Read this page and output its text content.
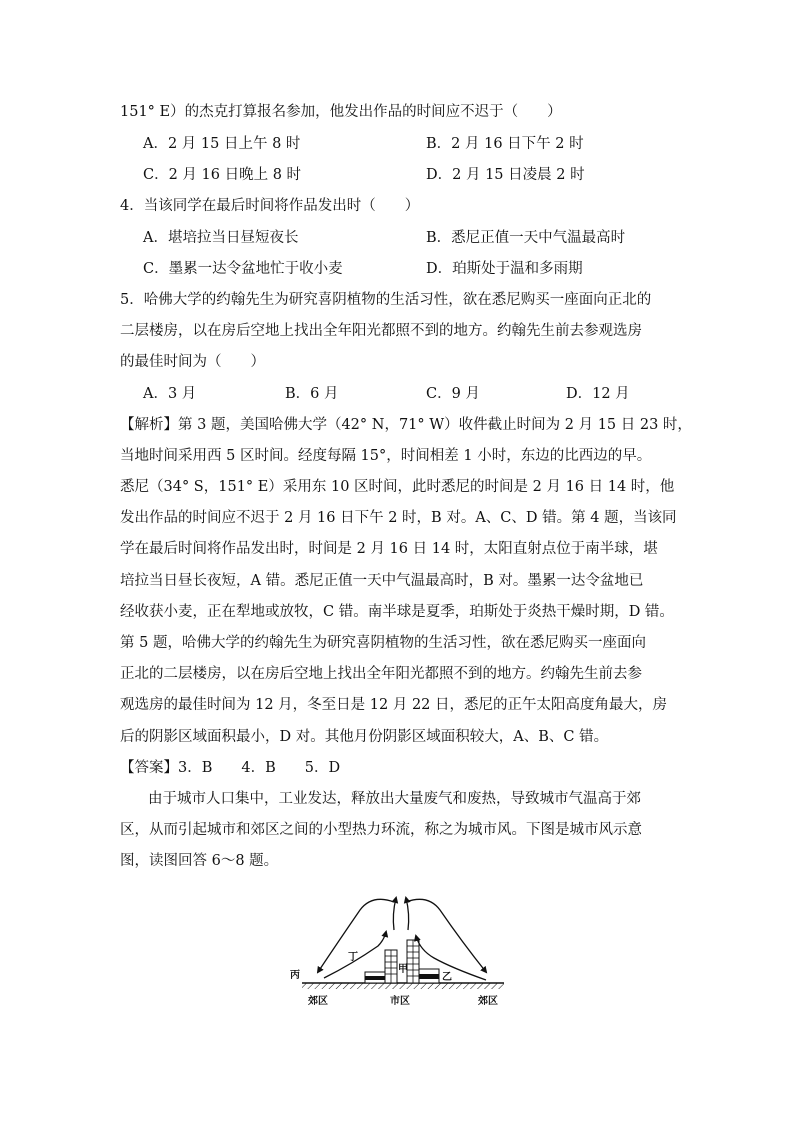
151° E）的杰克打算报名参加，他发出作品的时间应不迟于（　　）
A．2 月 15 日上午 8 时	B．2 月 16 日下午 2 时
C．2 月 16 日晚上 8 时	D．2 月 15 日凌晨 2 时
4．当该同学在最后时间将作品发出时（　　）
A．堪培拉当日昼短夜长	B．悉尼正值一天中气温最高时
C．墨累一达令盆地忙于收小麦	D．珀斯处于温和多雨期
5．哈佛大学的约翰先生为研究喜阴植物的生活习性，欲在悉尼购买一座面向正北的
二层楼房，以在房后空地上找出全年阳光都照不到的地方。约翰先生前去参观选房
的最佳时间为（　　）
A．3 月	B．6 月	C．9 月	D．12 月
【解析】第 3 题，美国哈佛大学（42° N，71° W）收件截止时间为 2 月 15 日 23 时，
当地时间采用西 5 区时间。经度每隔 15°，时间相差 1 小时，东边的比西边的早。
悉尼（34° S，151° E）采用东 10 区时间，此时悉尼的时间是 2 月 16 日 14 时，他
发出作品的时间应不迟于 2 月 16 日下午 2 时，B 对。A、C、D 错。第 4 题，当该同
学在最后时间将作品发出时，时间是 2 月 16 日 14 时，太阳直射点位于南半球，堪
培拉当日昼长夜短，A 错。悉尼正值一天中气温最高时，B 对。墨累一达令盆地已
经收获小麦，正在犁地或放牧，C 错。南半球是夏季，珀斯处于炎热干燥时期，D 错。
第 5 题，哈佛大学的约翰先生为研究喜阴植物的生活习性，欲在悉尼购买一座面向
正北的二层楼房，以在房后空地上找出全年阳光都照不到的地方。约翰先生前去参
观选房的最佳时间为 12 月，冬至日是 12 月 22 日，悉尼的正午太阳高度角最大，房
后的阴影区域面积最小，D 对。其他月份阴影区域面积较大，A、B、C 错。
【答案】3．B　　4．B　　5．D
由于城市人口集中，工业发达，释放出大量废气和废热，导致城市气温高于郊
区，从而引起城市和郊区之间的小型热力环流，称之为城市风。下图是城市风示意
图，读图回答 6～8 题。
丙
丁
甲
乙
郊区	市区	郊区
